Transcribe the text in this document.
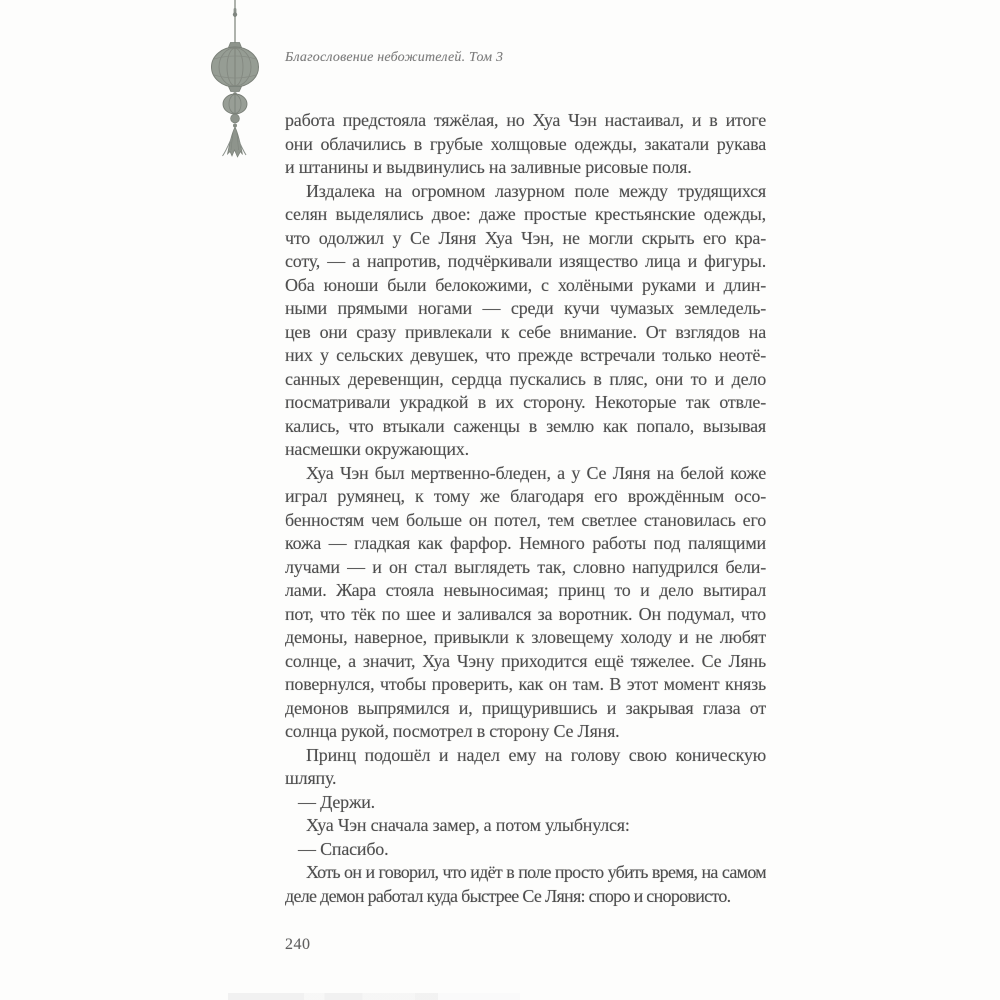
Благословение небожителей. Том 3
работа предстояла тяжёлая, но Хуа Чэн настаивал, и в итоге
они облачились в грубые холщовые одежды, закатали рукава
и штанины и выдвинулись на заливные рисовые поля.
Издалека на огромном лазурном поле между трудящихся
селян выделялись двое: даже простые крестьянские одежды,
что одолжил у Се Ляня Хуа Чэн, не могли скрыть его кра-
соту, — а напротив, подчёркивали изящество лица и фигуры.
Оба юноши были белокожими, с холёными руками и длин-
ными прямыми ногами — среди кучи чумазых земледель-
цев они сразу привлекали к себе внимание. От взглядов на
них у сельских девушек, что прежде встречали только неотё-
санных деревенщин, сердца пускались в пляс, они то и дело
посматривали украдкой в их сторону. Некоторые так отвле-
кались, что втыкали саженцы в землю как попало, вызывая
насмешки окружающих.
Хуа Чэн был мертвенно-бледен, а у Се Ляня на белой коже
играл румянец, к тому же благодаря его врождённым осо-
бенностям чем больше он потел, тем светлее становилась его
кожа — гладкая как фарфор. Немного работы под палящими
лучами — и он стал выглядеть так, словно напудрился бели-
лами. Жара стояла невыносимая; принц то и дело вытирал
пот, что тёк по шее и заливался за воротник. Он подумал, что
демоны, наверное, привыкли к зловещему холоду и не любят
солнце, а значит, Хуа Чэну приходится ещё тяжелее. Се Лянь
повернулся, чтобы проверить, как он там. В этот момент князь
демонов выпрямился и, прищурившись и закрывая глаза от
солнца рукой, посмотрел в сторону Се Ляня.
Принц подошёл и надел ему на голову свою коническую
шляпу.
— Держи.
Хуа Чэн сначала замер, а потом улыбнулся:
— Спасибо.
Хоть он и говорил, что идёт в поле просто убить время, на самом
деле демон работал куда быстрее Се Ляня: споро и сноровисто.
240
